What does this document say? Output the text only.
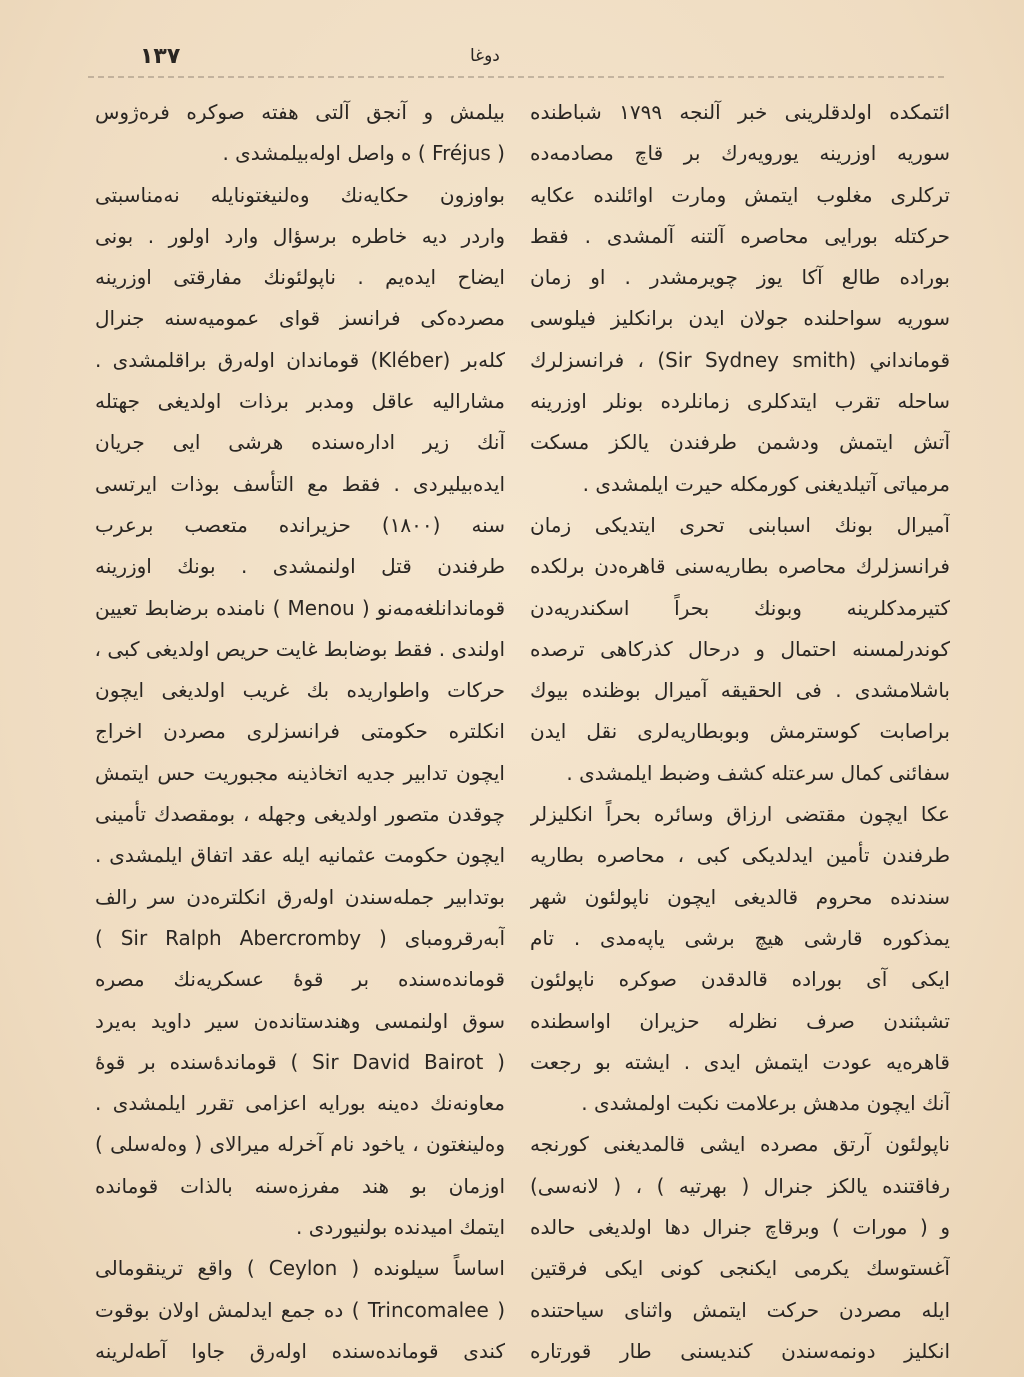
١٣٧	دوغا
ائتمكده اولدقلرینی خبر آلنجه ١٧٩٩ شباطنده
سوریه اوزرینه یورویه‌رك بر قاچ مصادمه‌ده
ترکلری مغلوب ایتمش ومارت اوائلنده عکایه
حرکتله بورایی محاصره آلتنه آلمشدی . فقط
بوراده طالع آکا یوز چویرمشدر . او زمان
سوریه سواحلنده جولان ایدن برانکلیز فیلوسی
قومانداني (Sir Sydney smith) ، فرانسزلرك
ساحله تقرب ایتدکلری زمانلرده بونلر اوزرینه
آتش ایتمش ودشمن طرفندن یالکز مسکت
مرمیاتی آتیلدیغنی کورمکله حیرت ایلمشدی .
آمیرال بونك اسبابنی تحری ایتدیکی زمان
فرانسزلرك محاصره بطاریه‌سنی قاهره‌دن برلکده
کتیرمدکلرینه وبونك بحراً اسکندریه‌دن
کوندرلمسنه احتمال و درحال کذرکاهی ترصده
باشلامشدی . فی الحقیقه آمیرال بوظنده بیوك
براصابت کوسترمش وبوبطاریه‌لری نقل ایدن
سفائنی کمال سرعتله کشف وضبط ایلمشدی .
عکا ایچون مقتضی ارزاق وسائره بحراً انکلیزلر
طرفندن تأمین ایدلدیکی کبی ، محاصره بطاریه‌
سندنده محروم قالدیغی ایچون ناپولئون شهر
یمذکوره قارشی هیچ برشی یاپه‌مدی . تام
ایکی آی بوراده قالدقدن صوکره ناپولئون
تشبثندن صرف نظرله حزیران اواسطنده
قاهره‌یه عودت ایتمش ایدی . ایشته بو رجعت
آنك ایچون مدهش برعلامت نکبت اولمشدی .
ناپولئون آرتق مصرده ایشی قالمدیغنی کورنجه
رفاقتنده یالکز جنرال ( بهرتیه ) ، ( لانه‌سی)
و ( مورات ) وبرقاچ جنرال دها اولدیغی حالده
آغستوسك یکرمی ایکنجی کونی ایکی فرقتین
ایله مصردن حرکت ایتمش واثنای سیاحتنده
انکلیز دونمه‌سندن کندیسنی طار قورتاره‌
بیلمش و آنجق آلتی هفته صوکره فره‌ژوس
( Fréjus ) ه واصل اوله‌بیلمشدی .
بواوزون حکایه‌نك وه‌لنیغتونایله نه‌مناسبتی
واردر دیه خاطره برسؤال وارد اولور . بونی
ایضاح ایده‌یم . ناپولئونك مفارقتی اوزرینه
مصرده‌کی فرانسز قوای عمومیه‌سنه جنرال
کله‌بر (Kléber) قوماندان اوله‌رق براقلمشدی .
مشارالیه عاقل ومدبر برذات اولدیغی جهتله
آنك زیر اداره‌سنده هرشی ایی جریان
ایده‌بیلیردی . فقط مع التأسف بوذات ایرتسی
سنه (١٨٠٠) حزیرانده متعصب برعرب
طرفندن قتل اولنمشدی . بونك اوزرینه
قوماندانلغه‌مه‌نو ( Menou ) نامنده برضابط تعیین
اولندی . فقط بوضابط غایت حریص اولدیغی کبی ،
حرکات واطواریده بك غریب اولدیغی ایچون
انکلتره حکومتی فرانسزلری مصردن اخراج
ایچون تدابیر جدیه اتخاذینه مجبوریت حس ایتمش
چوقدن متصور اولدیغی وجهله ، بومقصدك تأمینی
ایچون حکومت عثمانیه ایله عقد اتفاق ایلمشدی .
بوتدابیر جمله‌سندن اوله‌رق انکلتره‌دن سر رالف
آبه‌رقرومبای ( Sir Ralph Abercromby )
قومانده‌سنده بر قوه‌ٔ عسکریه‌نك مصره
سوق اولنمسی وهندستانده‌ن سیر داوید به‌یرد
( Sir David Bairot ) قوماندهٔ‌سنده بر قوه‌ٔ
معاونه‌نك ده‌ینه بورایه اعزامی تقرر ایلمشدی .
وه‌لینغتون ، یاخود نام آخرله میرالای ( وه‌له‌سلی )
اوزمان بو هند مفرزه‌سنه بالذات قوماندە
ایتمك امیدنده بولنیوردی .
اساساً سیلونده ( Ceylon ) واقع ترینقومالی
( Trincomalee ) ده جمع ایدلمش اولان بوقوت
کندی قوماندەسنده اوله‌رق جاوا آطه‌لرینه
